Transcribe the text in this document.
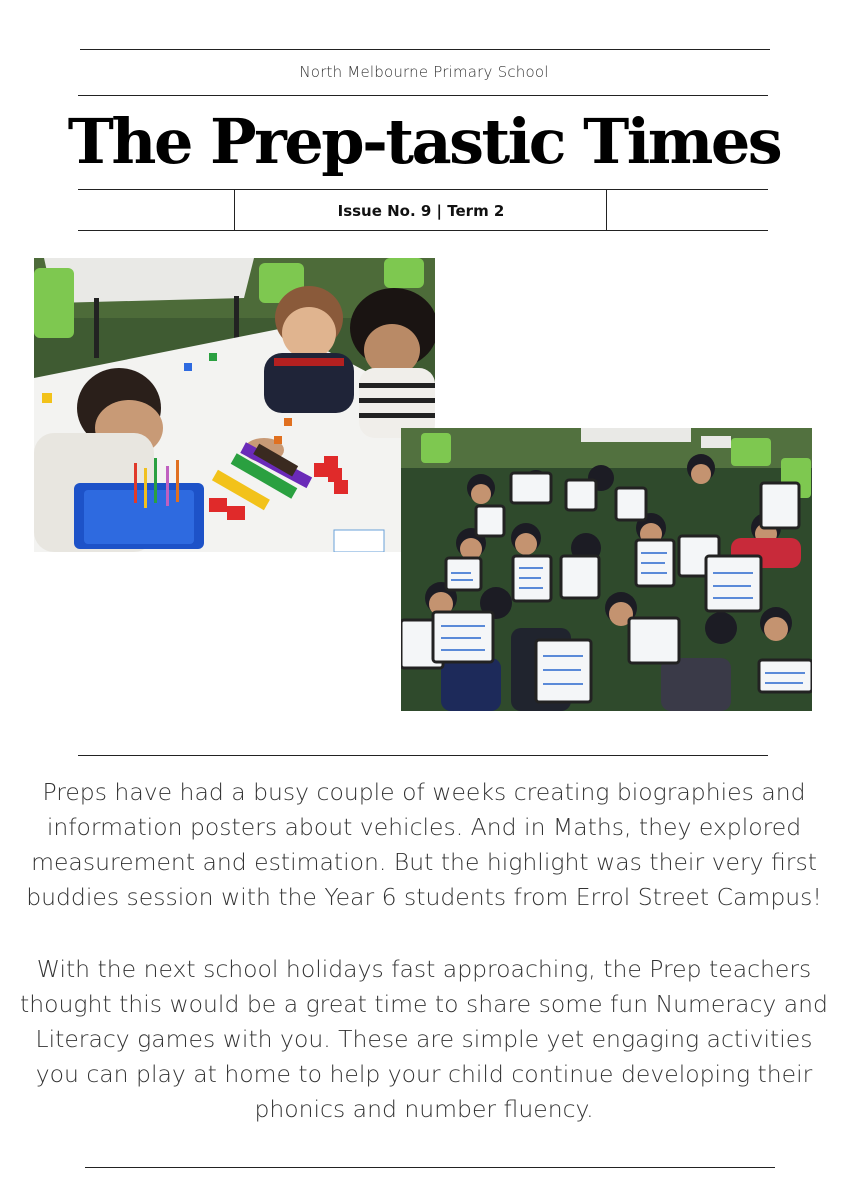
North Melbourne Primary School
The Prep-tastic Times
Issue No. 9 | Term 2

Preps have had a busy couple of weeks creating biographies and information posters about vehicles. And in Maths, they explored measurement and estimation. But the highlight was their very first buddies session with the Year 6 students from Errol Street Campus!

With the next school holidays fast approaching, the Prep teachers thought this would be a great time to share some fun Numeracy and Literacy games with you. These are simple yet engaging activities you can play at home to help your child continue developing their phonics and number fluency.
